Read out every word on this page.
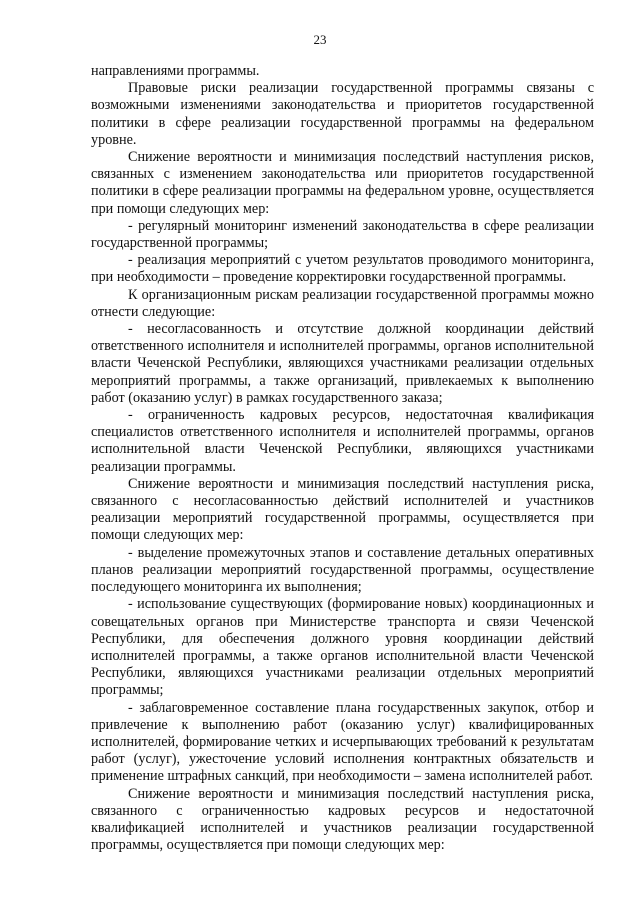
23

направлениями программы.

Правовые риски реализации государственной программы связаны с возможными изменениями законодательства и приоритетов государственной политики в сфере реализации государственной программы на федеральном уровне.

Снижение вероятности и минимизация последствий наступления рисков, связанных с изменением законодательства или приоритетов государственной политики в сфере реализации программы на федеральном уровне, осуществляется при помощи следующих мер:

- регулярный мониторинг изменений законодательства в сфере реализации государственной программы;

- реализация мероприятий с учетом результатов проводимого мониторинга, при необходимости – проведение корректировки государственной программы.

К организационным рискам реализации государственной программы можно отнести следующие:

- несогласованность и отсутствие должной координации действий ответственного исполнителя и исполнителей программы, органов исполнительной власти Чеченской Республики, являющихся участниками реализации отдельных мероприятий программы, а также организаций, привлекаемых к выполнению работ (оказанию услуг) в рамках государственного заказа;

- ограниченность кадровых ресурсов, недостаточная квалификация специалистов ответственного исполнителя и исполнителей программы, органов исполнительной власти Чеченской Республики, являющихся участниками реализации программы.

Снижение вероятности и минимизация последствий наступления риска, связанного с несогласованностью действий исполнителей и участников реализации мероприятий государственной программы, осуществляется при помощи следующих мер:

- выделение промежуточных этапов и составление детальных оперативных планов реализации мероприятий государственной программы, осуществление последующего мониторинга их выполнения;

- использование существующих (формирование новых) координационных и совещательных органов при Министерстве транспорта и связи Чеченской Республики, для обеспечения должного уровня координации действий исполнителей программы, а также органов исполнительной власти Чеченской Республики, являющихся участниками реализации отдельных мероприятий программы;

- заблаговременное составление плана государственных закупок, отбор и привлечение к выполнению работ (оказанию услуг) квалифицированных исполнителей, формирование четких и исчерпывающих требований к результатам работ (услуг), ужесточение условий исполнения контрактных обязательств и применение штрафных санкций, при необходимости – замена исполнителей работ.

Снижение вероятности и минимизация последствий наступления риска, связанного с ограниченностью кадровых ресурсов и недостаточной квалификацией исполнителей и участников реализации государственной программы, осуществляется при помощи следующих мер:
